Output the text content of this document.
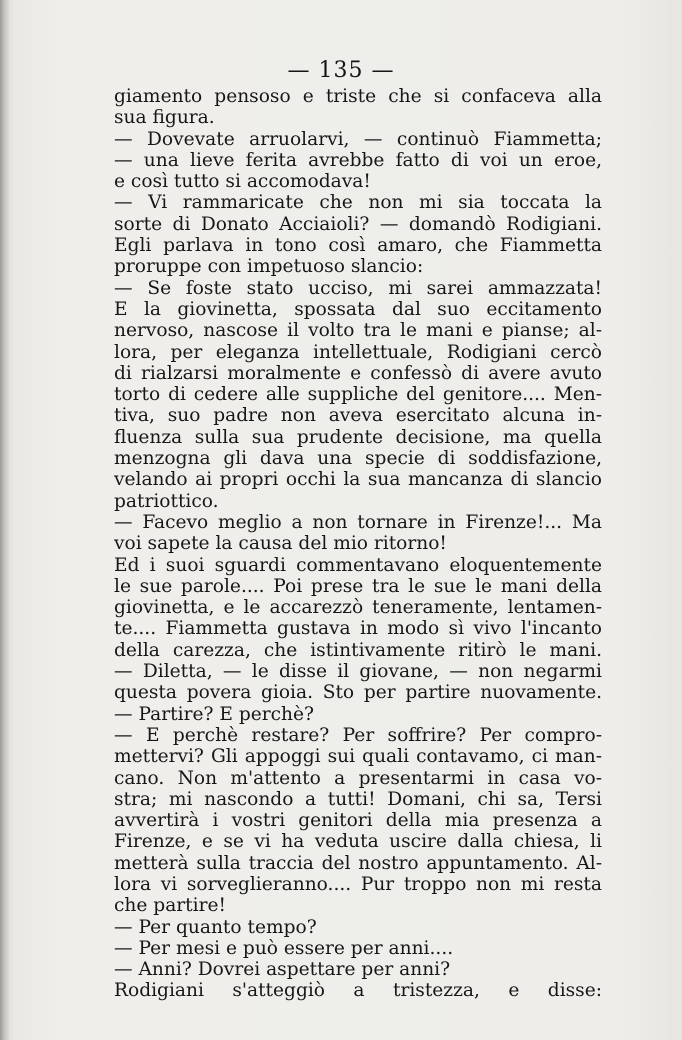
— 135 —
giamento pensoso e triste che si confaceva alla
sua figura.
— Dovevate arruolarvi, — continuò Fiammetta;
— una lieve ferita avrebbe fatto di voi un eroe,
e così tutto si accomodava!
— Vi rammaricate che non mi sia toccata la
sorte di Donato Acciaioli? — domandò Rodigiani.
Egli parlava in tono così amaro, che Fiammetta
proruppe con impetuoso slancio:
— Se foste stato ucciso, mi sarei ammazzata!
E la giovinetta, spossata dal suo eccitamento
nervoso, nascose il volto tra le mani e pianse; al-
lora, per eleganza intellettuale, Rodigiani cercò
di rialzarsi moralmente e confessò di avere avuto
torto di cedere alle suppliche del genitore.... Men-
tiva, suo padre non aveva esercitato alcuna in-
fluenza sulla sua prudente decisione, ma quella
menzogna gli dava una specie di soddisfazione,
velando ai propri occhi la sua mancanza di slancio
patriottico.
— Facevo meglio a non tornare in Firenze!... Ma
voi sapete la causa del mio ritorno!
Ed i suoi sguardi commentavano eloquentemente
le sue parole.... Poi prese tra le sue le mani della
giovinetta, e le accarezzò teneramente, lentamen-
te.... Fiammetta gustava in modo sì vivo l'incanto
della carezza, che istintivamente ritirò le mani.
— Diletta, — le disse il giovane, — non negarmi
questa povera gioia. Sto per partire nuovamente.
— Partire? E perchè?
— E perchè restare? Per soffrire? Per compro-
mettervi? Gli appoggi sui quali contavamo, ci man-
cano. Non m'attento a presentarmi in casa vo-
stra; mi nascondo a tutti! Domani, chi sa, Tersi
avvertirà i vostri genitori della mia presenza a
Firenze, e se vi ha veduta uscire dalla chiesa, li
metterà sulla traccia del nostro appuntamento. Al-
lora vi sorveglieranno.... Pur troppo non mi resta
che partire!
— Per quanto tempo?
— Per mesi e può essere per anni....
— Anni? Dovrei aspettare per anni?
Rodigiani s'atteggiò a tristezza, e disse:
